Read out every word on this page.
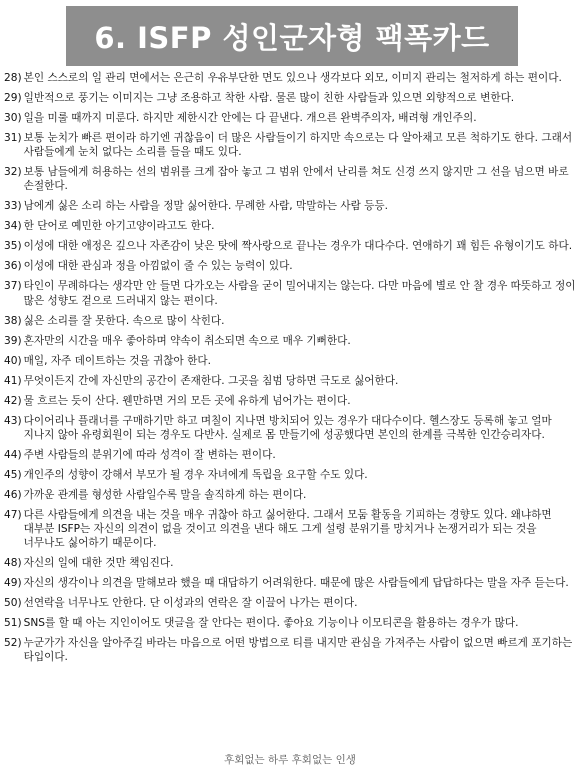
6. ISFP 성인군자형 팩폭카드
28) 본인 스스로의 일 관리 면에서는 은근히 우유부단한 면도 있으나 생각보다 외모, 이미지 관리는 철저하게 하는 편이다.
29) 일반적으로 풍기는 이미지는 그냥 조용하고 착한 사람. 물론 많이 친한 사람들과 있으면 외향적으로 변한다.
30) 일을 미룰 때까지 미룬다. 하지만 제한시간 안에는 다 끝낸다. 개으른 완벽주의자, 배려형 개인주의.
31) 보통 눈치가 빠른 편이라 하기엔 귀찮음이 더 많은 사람들이기 하지만 속으로는 다 알아채고 모른 척하기도 한다. 그래서 사람들에게 눈치 없다는 소리를 들을 때도 있다.
32) 보통 남들에게 허용하는 선의 범위를 크게 잡아 놓고 그 범위 안에서 난리를 쳐도 신경 쓰지 않지만 그 선을 넘으면 바로 손절한다.
33) 남에게 싫은 소리 하는 사람을 정말 싫어한다. 무례한 사람, 막말하는 사람 등등.
34) 한 단어로 예민한 아기고양이라고도 한다.
35) 이성에 대한 애정은 깊으나 자존감이 낮은 탓에 짝사랑으로 끝나는 경우가 대다수다. 연애하기 꽤 힘든 유형이기도 하다.
36) 이성에 대한 관심과 정을 아낌없이 줄 수 있는 능력이 있다.
37) 타인이 무례하다는 생각만 안 들면 다가오는 사람을 굳이 밀어내지는 않는다. 다만 마음에 별로 안 찰 경우 따뜻하고 정이 많은 성향도 겉으로 드러내지 않는 편이다.
38) 싫은 소리를 잘 못한다. 속으로 많이 삭힌다.
39) 혼자만의 시간을 매우 좋아하며 약속이 취소되면 속으로 매우 기뻐한다.
40) 매일, 자주 데이트하는 것을 귀찮아 한다.
41) 무엇이든지 간에 자신만의 공간이 존재한다. 그곳을 침범 당하면 극도로 싫어한다.
42) 물 흐르는 듯이 산다. 웬만하면 거의 모든 곳에 유하게 넘어가는 편이다.
43) 다이어리나 플래너를 구매하기만 하고 며칠이 지나면 방치되어 있는 경우가 대다수이다. 헬스장도 등록해 놓고 얼마 지나지 않아 유령회원이 되는 경우도 다반사. 실제로 몸 만들기에 성공했다면 본인의 한계를 극복한 인간승리자다.
44) 주변 사람들의 분위기에 따라 성격이 잘 변하는 편이다.
45) 개인주의 성향이 강해서 부모가 될 경우 자녀에게 독립을 요구할 수도 있다.
46) 가까운 관계를 형성한 사람일수록 말을 솔직하게 하는 편이다.
47) 다른 사람들에게 의견을 내는 것을 매우 귀찮아 하고 싫어한다. 그래서 모둠 활동을 기피하는 경향도 있다. 왜냐하면 대부분 ISFP는 자신의 의견이 없을 것이고 의견을 낸다 해도 그게 설령 분위기를 망치거나 논쟁거리가 되는 것을 너무나도 싫어하기 때문이다.
48) 자신의 일에 대한 것만 책임진다.
49) 자신의 생각이나 의견을 말해보라 했을 때 대답하기 어려워한다. 때문에 많은 사람들에게 답답하다는 말을 자주 듣는다.
50) 선연락을 너무나도 안한다. 단 이성과의 연락은 잘 이끌어 나가는 편이다.
51) SNS를 할 때 아는 지인이어도 댓글을 잘 안다는 편이다. 좋아요 기능이나 이모티콘을 활용하는 경우가 많다.
52) 누군가가 자신을 알아주길 바라는 마음으로 어떤 방법으로 티를 내지만 관심을 가져주는 사람이 없으면 빠르게 포기하는 타입이다.
후회없는 하루 후회없는 인생
